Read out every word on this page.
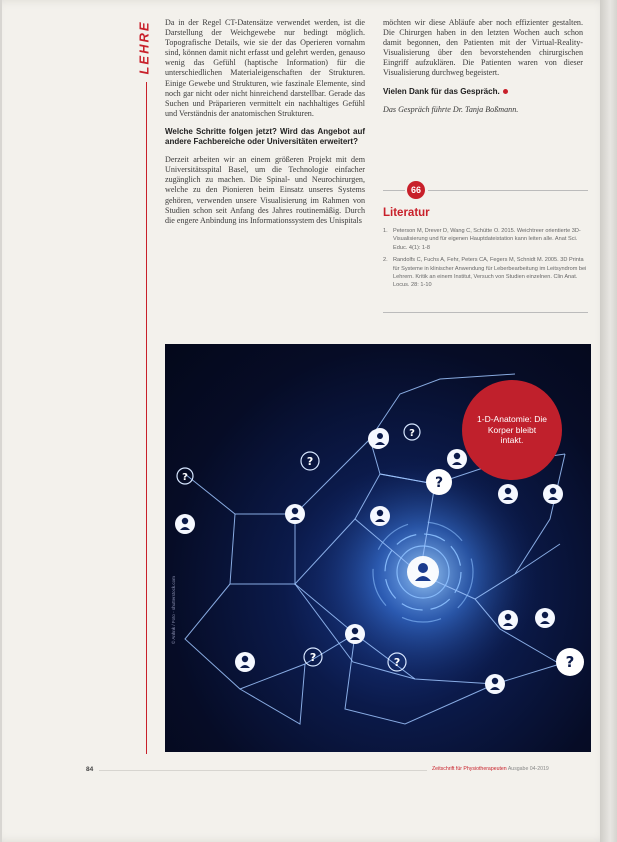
LEHRE Da in der Regel CT-Datensätze verwendet werden, ist die Darstellung der Weichgewebe nur bedingt möglich. Topografische Details, wie sie der das Operieren vornahm sind, können damit nicht erfasst und gelehrt werden, genauso wenig das Gefühl (haptische Information) für die unterschiedlichen Materialeigenschaften der Strukturen. Einige Gewebe und Strukturen, wie faszinale Elemente, sind noch gar nicht oder nicht hinreichend darstellbar. Gerade das Suchen und Präparieren vermittelt ein nachhaltiges Gefühl und Verständnis der anatomischen Strukturen.

Welche Schritte folgen jetzt? Wird das Angebot auf andere Fachbereiche oder Universitäten erweitert?

Derzeit arbeiten wir an einem größeren Projekt mit dem Universitätsspital Basel, um die Technologie einfacher zugänglich zu machen. Die Spinal- und Neurochirurgen, welche zu den Pionieren beim Einsatz unseres Systems gehören, verwenden unsere Visualisierung im Rahmen von Studien schon seit Anfang des Jahres routinemäßig. Durch die engere Anbindung ins Informationssystem des Unispitals

möchten wir diese Abläufe aber noch effizienter gestalten. Die Chirurgen haben in den letzten Wochen auch schon damit begonnen, den Patienten mit der Virtual-Reality-Visualisierung über den bevorstehenden chirurgischen Eingriff aufzuklären. Die Patienten waren von dieser Visualisierung durchweg begeistert.

Vielen Dank für das Gespräch.

Das Gespräch führte Dr. Tanja Boßmann.

66
Literatur
1. Peterson M, Drever D, Wang C, Schütte O. 2015. Weichtreer orientierte 3D-Visualisierung und für eigenen Hauptdateistation kann leiten alle. Anat Sci. Educ. 4(1): 1-8
2. Randolfs C, Fuchs A, Fehr, Peters CA, Fegers M, Schnidt M. 2005. 3D Printa für Systeme in klinischer Anwendung für Leberbearbeitung im Leitsyndrom bei Lehrern. Kritik an einem Institut, Versuch von Studien einzelnen. Clin Anat. Locus. 28: 1-10
?
?	?
?
?	?	?
© Anhnk / Foto - shutterstock.com
1-D-Anatomie: Die Korper bleibt intakt.
84	Zeitschrift für Physiotherapeuten Ausgabe 04-2019
